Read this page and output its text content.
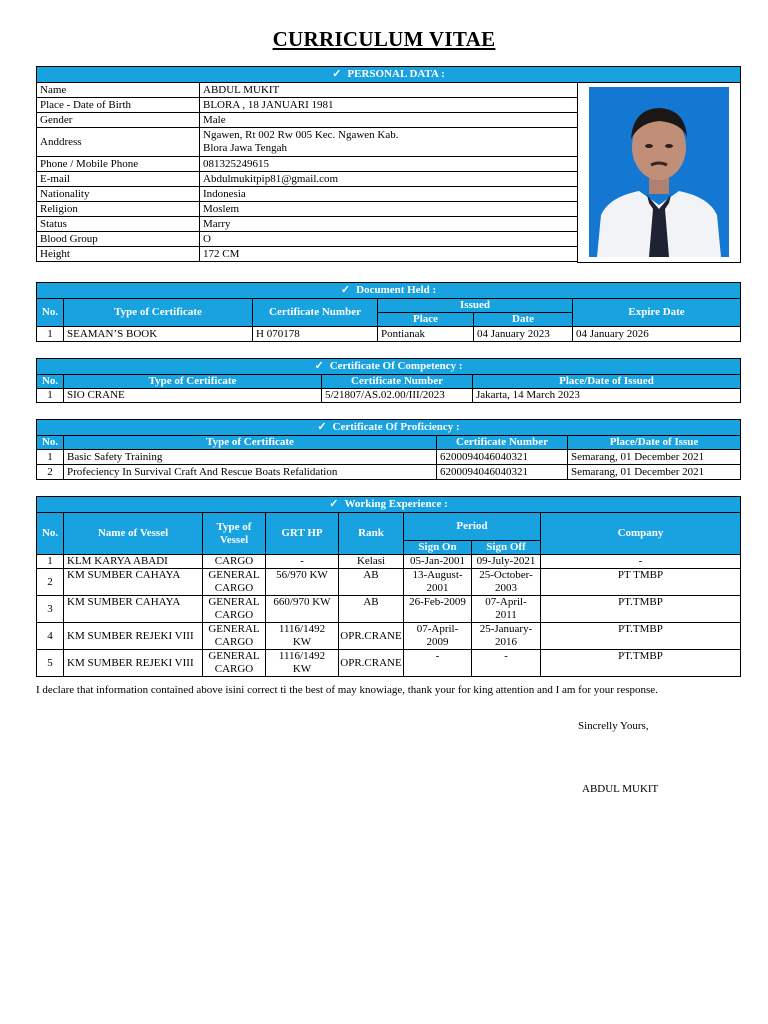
CURRICULUM VITAE
✓ PERSONAL DATA :		
Name	ABDUL MUKIT	

Place - Date of Birth	BLORA , 18 JANUARI 1981	
Gender	Male	
Anddress	Ngawen, Rt 002 Rw 005 Kec. Ngawen Kab.
Blora Jawa Tengah	

Phone / Mobile Phone	081325249615	
E-mail	Abdulmukitpip81@gmail.com	
Nationality	Indonesia	
Religion	Moslem	
Status	Marry	
Blood Group	O	
Height	172 CM	

✓ Document Held :					
No.	Type of Certificate	Certificate Number	Issued		Expire Date
			Place	Date	
1	SEAMAN’S BOOK	H 070178	Pontianak	04 January 2023	04 January 2026
✓ Certificate Of Competency :			
No.	Type of Certificate	Certificate Number	Place/Date of Issued
1	SIO CRANE	5/21807/AS.02.00/III/2023	Jakarta, 14 March 2023
✓ Certificate Of Proficiency :			
No.	Type of Certificate	Certificate Number	Place/Date of Issue
1	Basic Safety Training	6200094046040321	Semarang, 01 December 2021
2	Profeciency In Survival Craft And Rescue Boats Refalidation	6200094046040321	Semarang, 01 December 2021
✓ Working Experience :							
No.	Name of Vessel	Type of Vessel	GRT HP	Rank	Period		Company
					Sign On	Sign Off	
1	KLM KARYA ABADI	CARGO	-	Kelasi	05-Jan-2001	09-July-2021	-
2	KM SUMBER CAHAYA	GENERAL CARGO	56/970 KW	AB	13-August-2001	25-October-2003	PT TMBP
3	KM SUMBER CAHAYA	GENERAL CARGO	660/970 KW	AB	26-Feb-2009	07-April-2011	PT.TMBP
4	KM SUMBER REJEKI VIII	GENERAL CARGO	1116/1492 KW	OPR.CRANE	07-April-2009	25-January-2016	PT.TMBP
5	KM SUMBER REJEKI VIII	GENERAL CARGO	1116/1492 KW	OPR.CRANE	-	-	PT.TMBP
I declare that information contained above isini correct ti the best of may knowiage, thank your for king attention and I am for your response.
Sincrelly Yours,
ABDUL MUKIT
